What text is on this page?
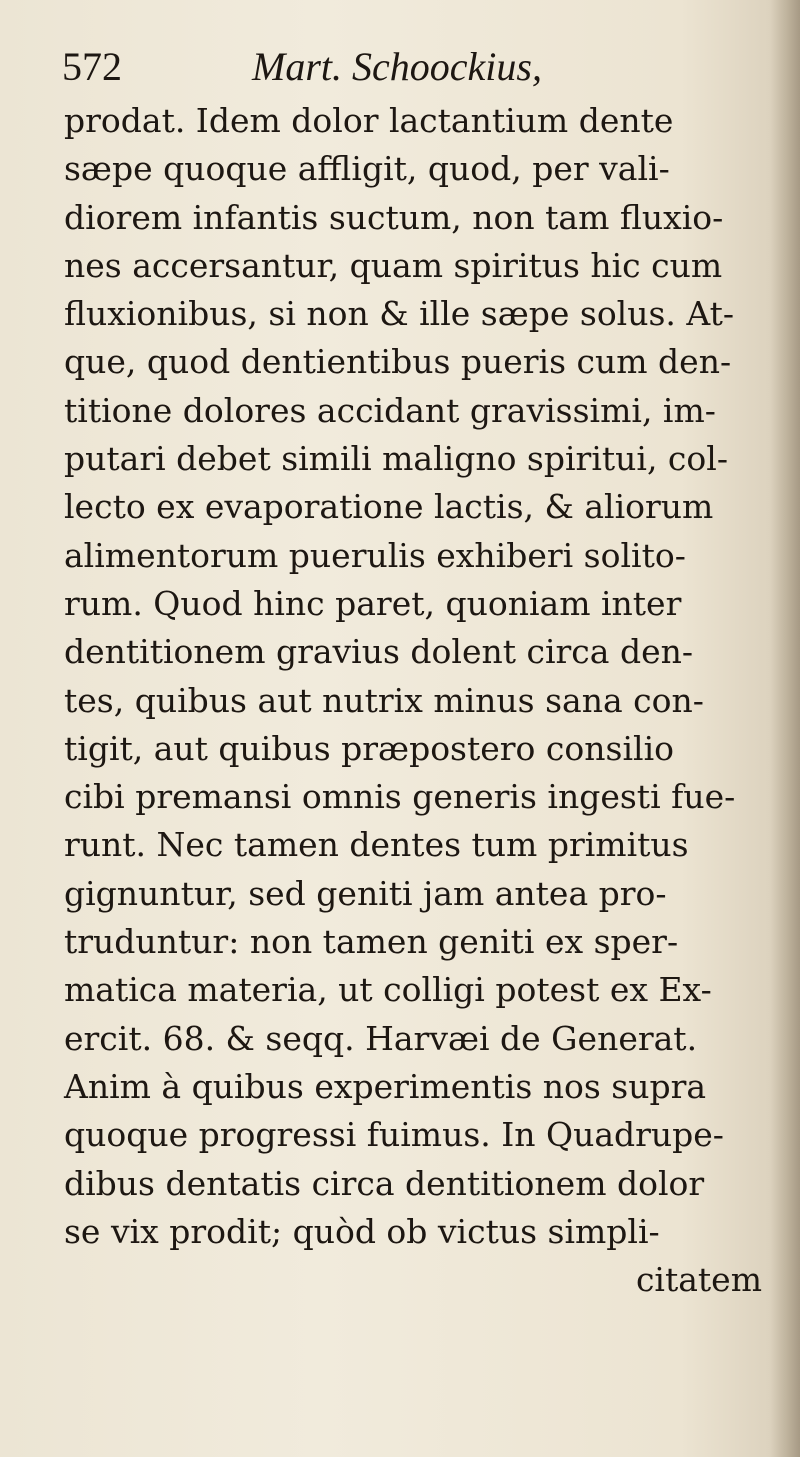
572	Mart. Schoockius,
prodat. Idem dolor lactantium dente
sæpe quoque affligit, quod, per vali-
diorem infantis suctum, non tam fluxio-
nes accersantur, quam spiritus hic cum
fluxionibus, si non & ille sæpe solus. At-
que, quod dentientibus pueris cum den-
titione dolores accidant gravissimi, im-
putari debet simili maligno spiritui, col-
lecto ex evaporatione lactis, & aliorum
alimentorum puerulis exhiberi solito-
rum. Quod hinc paret, quoniam inter
dentitionem gravius dolent circa den-
tes, quibus aut nutrix minus sana con-
tigit, aut quibus præpostero consilio
cibi premansi omnis generis ingesti fue-
runt. Nec tamen dentes tum primitus
gignuntur, sed geniti jam antea pro-
truduntur: non tamen geniti ex sper-
matica materia, ut colligi potest ex Ex-
ercit. 68. & seqq. Harvæi de Generat.
Anim à quibus experimentis nos supra
quoque progressi fuimus. In Quadrupe-
dibus dentatis circa dentitionem dolor
se vix prodit; quòd ob victus simpli-
citatem
